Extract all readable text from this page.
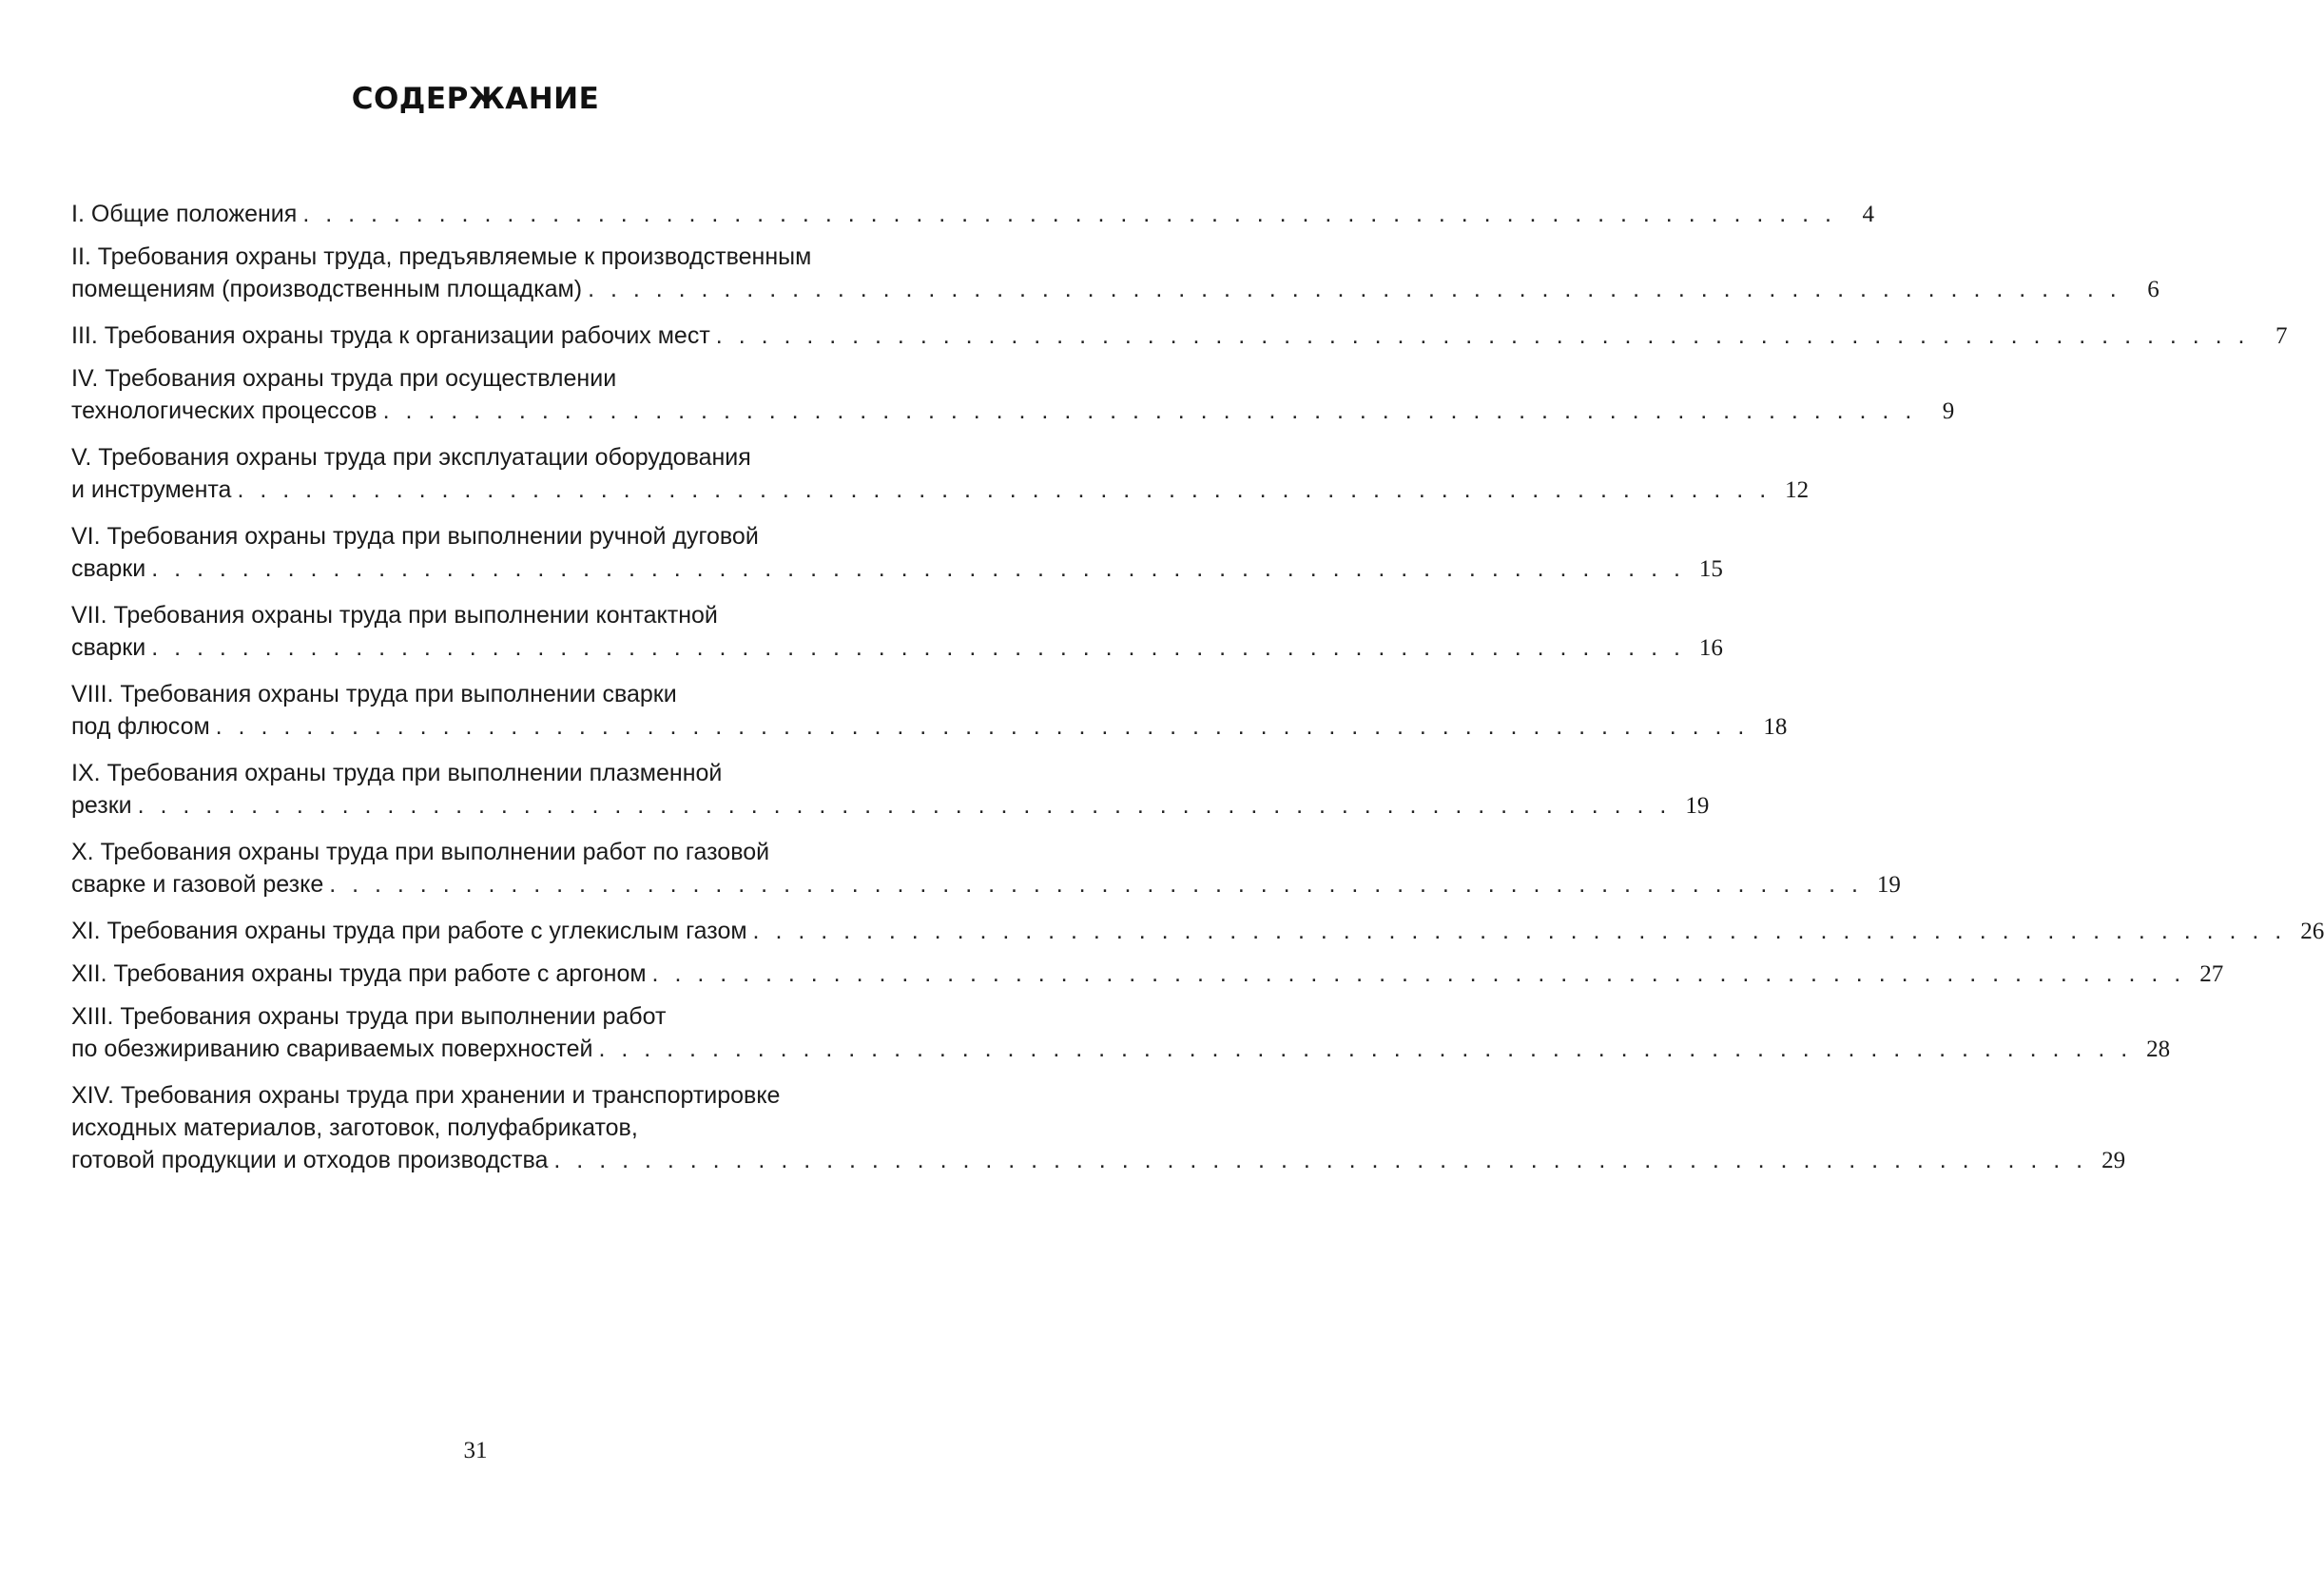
СОДЕРЖАНИЕ
I. Общие положения . . . . . . . . . . . . . . . . . . . . . . . . . . . . . . . . . . . . . . . . . . . . . . . . . . . . . . . . . . . . . . . . . . . .	4
II. Требования охраны труда, предъявляемые к производственным
помещениям (производственным площадкам) . . . . . . . . . . . . . . . . . . . . . . . . . . . . . . . . . . . . . . . . . . . . . . . . . . . . . . . . . . . . . . . . . . . .	6
III. Требования охраны труда к организации рабочих мест . . . . . . . . . . . . . . . . . . . . . . . . . . . . . . . . . . . . . . . . . . . . . . . . . . . . . . . . . . . . . . . . . . . .	7
IV. Требования охраны труда при осуществлении
технологических процессов . . . . . . . . . . . . . . . . . . . . . . . . . . . . . . . . . . . . . . . . . . . . . . . . . . . . . . . . . . . . . . . . . . . .	9
V. Требования охраны труда при эксплуатации оборудования
и инструмента . . . . . . . . . . . . . . . . . . . . . . . . . . . . . . . . . . . . . . . . . . . . . . . . . . . . . . . . . . . . . . . . . . . . 12
VI. Требования охраны труда при выполнении ручной дуговой
сварки . . . . . . . . . . . . . . . . . . . . . . . . . . . . . . . . . . . . . . . . . . . . . . . . . . . . . . . . . . . . . . . . . . . . 15
VII. Требования охраны труда при выполнении контактной
сварки . . . . . . . . . . . . . . . . . . . . . . . . . . . . . . . . . . . . . . . . . . . . . . . . . . . . . . . . . . . . . . . . . . . . 16
VIII. Требования охраны труда при выполнении сварки
под флюсом . . . . . . . . . . . . . . . . . . . . . . . . . . . . . . . . . . . . . . . . . . . . . . . . . . . . . . . . . . . . . . . . . . . . 18
IX. Требования охраны труда при выполнении плазменной
резки . . . . . . . . . . . . . . . . . . . . . . . . . . . . . . . . . . . . . . . . . . . . . . . . . . . . . . . . . . . . . . . . . . . . 19
X. Требования охраны труда при выполнении работ по газовой
сварке и газовой резке . . . . . . . . . . . . . . . . . . . . . . . . . . . . . . . . . . . . . . . . . . . . . . . . . . . . . . . . . . . . . . . . . . . . 19
XI. Требования охраны труда при работе с углекислым газом . . . . . . . . . . . . . . . . . . . . . . . . . . . . . . . . . . . . . . . . . . . . . . . . . . . . . . . . . . . . . . . . . . . . 26
XII. Требования охраны труда при работе с аргоном . . . . . . . . . . . . . . . . . . . . . . . . . . . . . . . . . . . . . . . . . . . . . . . . . . . . . . . . . . . . . . . . . . . . 27
XIII. Требования охраны труда при выполнении работ
по обезжириванию свариваемых поверхностей . . . . . . . . . . . . . . . . . . . . . . . . . . . . . . . . . . . . . . . . . . . . . . . . . . . . . . . . . . . . . . . . . . . . 28
XIV. Требования охраны труда при хранении и транспортировке
исходных материалов, заготовок, полуфабрикатов,
готовой продукции и отходов производства . . . . . . . . . . . . . . . . . . . . . . . . . . . . . . . . . . . . . . . . . . . . . . . . . . . . . . . . . . . . . . . . . . . . 29
31
